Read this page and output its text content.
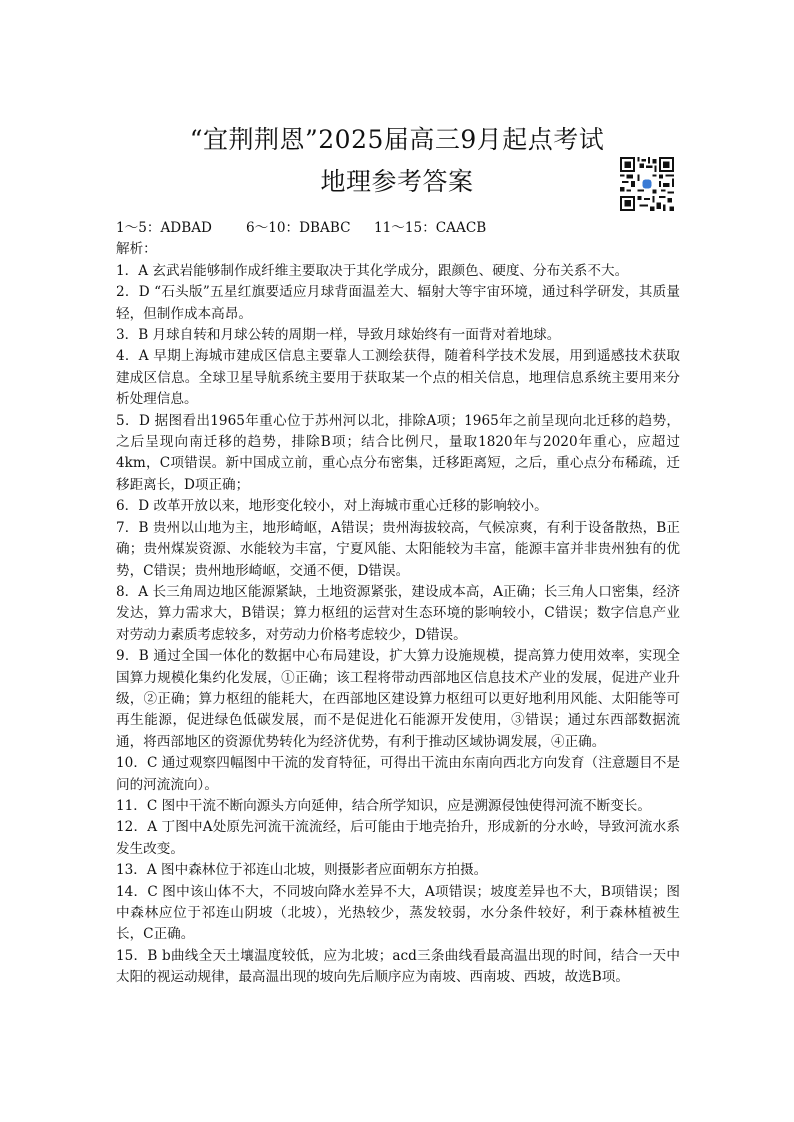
“宜荆荆恩”2025届高三9月起点考试
地理参考答案
1～5：ADBAD	6～10：DBABC 11～15：CAACB

解析：

1．A 玄武岩能够制作成纤维主要取决于其化学成分，跟颜色、硬度、分布关系不大。

2．D “石头版”五星红旗要适应月球背面温差大、辐射大等宇宙环境，通过科学研发，其质量轻，但制作成本高昂。

3．B 月球自转和月球公转的周期一样，导致月球始终有一面背对着地球。

4．A 早期上海城市建成区信息主要靠人工测绘获得，随着科学技术发展，用到遥感技术获取建成区信息。全球卫星导航系统主要用于获取某一个点的相关信息，地理信息系统主要用来分析处理信息。

5．D 据图看出1965年重心位于苏州河以北，排除A项；1965年之前呈现向北迁移的趋势，之后呈现向南迁移的趋势，排除B项；结合比例尺，量取1820年与2020年重心，应超过4km，C项错误。新中国成立前，重心点分布密集，迁移距离短，之后，重心点分布稀疏，迁移距离长，D项正确；

6．D 改革开放以来，地形变化较小，对上海城市重心迁移的影响较小。

7．B 贵州以山地为主，地形崎岖，A错误；贵州海拔较高，气候凉爽，有利于设备散热，B正确；贵州煤炭资源、水能较为丰富，宁夏风能、太阳能较为丰富，能源丰富并非贵州独有的优势，C错误；贵州地形崎岖，交通不便，D错误。

8．A 长三角周边地区能源紧缺，土地资源紧张，建设成本高，A正确；长三角人口密集，经济发达，算力需求大，B错误；算力枢纽的运营对生态环境的影响较小，C错误；数字信息产业对劳动力素质考虑较多，对劳动力价格考虑较少，D错误。

9．B 通过全国一体化的数据中心布局建设，扩大算力设施规模，提高算力使用效率，实现全国算力规模化集约化发展，①正确；该工程将带动西部地区信息技术产业的发展，促进产业升级，②正确；算力枢纽的能耗大，在西部地区建设算力枢纽可以更好地利用风能、太阳能等可再生能源，促进绿色低碳发展，而不是促进化石能源开发使用，③错误；通过东西部数据流通，将西部地区的资源优势转化为经济优势，有利于推动区域协调发展，④正确。

10．C 通过观察四幅图中干流的发育特征，可得出干流由东南向西北方向发育（注意题目不是问的河流流向）。

11．C 图中干流不断向源头方向延伸，结合所学知识，应是溯源侵蚀使得河流不断变长。

12．A 丁图中A处原先河流干流流经，后可能由于地壳抬升，形成新的分水岭，导致河流水系发生改变。

13．A 图中森林位于祁连山北坡，则摄影者应面朝东方拍摄。

14．C 图中该山体不大，不同坡向降水差异不大，A项错误；坡度差异也不大，B项错误；图中森林应位于祁连山阴坡（北坡），光热较少，蒸发较弱，水分条件较好，利于森林植被生长，C正确。

15．B b曲线全天土壤温度较低，应为北坡；acd三条曲线看最高温出现的时间，结合一天中太阳的视运动规律，最高温出现的坡向先后顺序应为南坡、西南坡、西坡，故选B项。
